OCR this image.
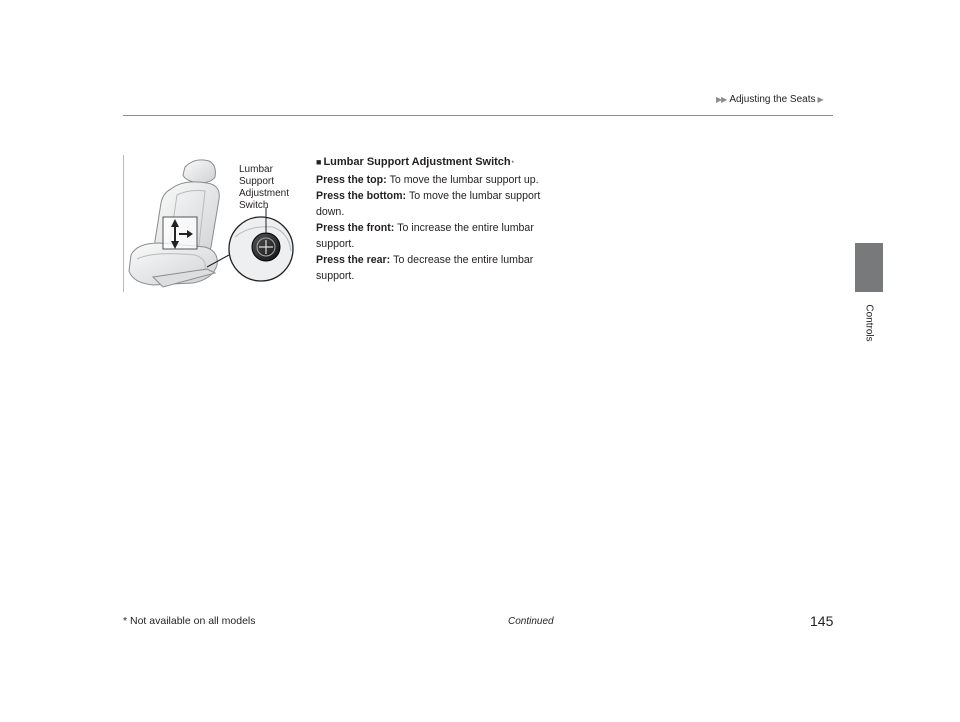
▶▶ Adjusting the Seats ▶
Controls
Lumbar
Support
Adjustment
Switch
■ Lumbar Support Adjustment Switch *
Press the top: To move the lumbar support up.
Press the bottom: To move the lumbar support down.
Press the front: To increase the entire lumbar support.
Press the rear: To decrease the entire lumbar support.
* Not available on all models	Continued	145
